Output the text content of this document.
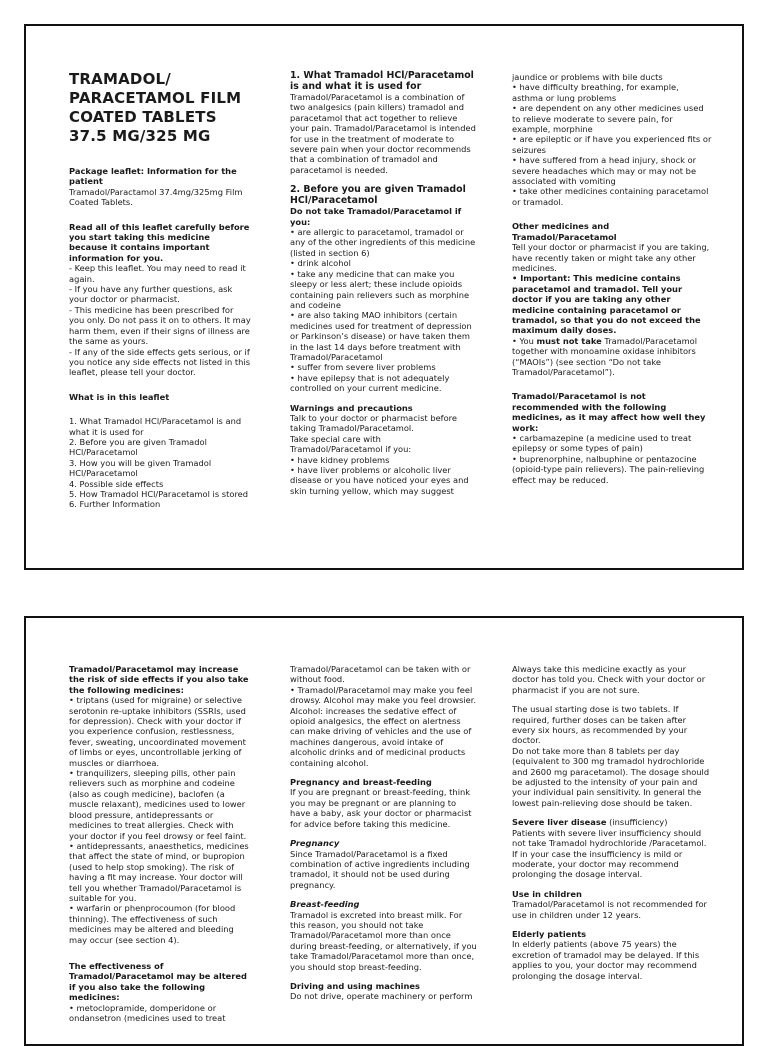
TRAMADOL/
PARACETAMOL FILM
COATED TABLETS
37.5 MG/325 MG

Package leaflet: Information for the patient
Tramadol/Paractamol 37.4mg/325mg Film Coated Tablets.

Read all of this leaflet carefully before you start taking this medicine because it contains important information for you.

- Keep this leaflet. You may need to read it again.

- If you have any further questions, ask your doctor or pharmacist.

- This medicine has been prescribed for you only. Do not pass it on to others. It may harm them, even if their signs of illness are the same as yours.

- If any of the side effects gets serious, or if you notice any side effects not listed in this leaflet, please tell your doctor.

What is in this leaflet

1. What Tramadol HCl/Paracetamol is and what it is used for

2. Before you are given Tramadol HCl/Paracetamol

3. How you will be given Tramadol HCl/Paracetamol

4. Possible side effects

5. How Tramadol HCl/Paracetamol is stored

6. Further Information

1. What Tramadol HCl/Paracetamol is and what it is used for

Tramadol/Paracetamol is a combination of two analgesics (pain killers) tramadol and paracetamol that act together to relieve your pain. Tramadol/Paracetamol is intended for use in the treatment of moderate to severe pain when your doctor recommends that a combination of tramadol and paracetamol is needed.

2. Before you are given Tramadol HCl/Paracetamol

Do not take Tramadol/Paracetamol if you:

• are allergic to paracetamol, tramadol or any of the other ingredients of this medicine (listed in section 6)

• drink alcohol

• take any medicine that can make you sleepy or less alert; these include opioids containing pain relievers such as morphine and codeine

• are also taking MAO inhibitors (certain medicines used for treatment of depression or Parkinson’s disease) or have taken them in the last 14 days before treatment with Tramadol/Paracetamol

• suffer from severe liver problems

• have epilepsy that is not adequately controlled on your current medicine.

Warnings and precautions

Talk to your doctor or pharmacist before taking Tramadol/Paracetamol.

Take special care with Tramadol/Paracetamol if you:

• have kidney problems

• have liver problems or alcoholic liver disease or you have noticed your eyes and skin turning yellow, which may suggest

jaundice or problems with bile ducts

• have difficulty breathing, for example, asthma or lung problems

• are dependent on any other medicines used to relieve moderate to severe pain, for example, morphine

• are epileptic or if have you experienced fits or seizures

• have suffered from a head injury, shock or severe headaches which may or may not be associated with vomiting

• take other medicines containing paracetamol or tramadol.

Other medicines and Tramadol/Paracetamol

Tell your doctor or pharmacist if you are taking, have recently taken or might take any other medicines.

• Important: This medicine contains paracetamol and tramadol. Tell your doctor if you are taking any other medicine containing paracetamol or tramadol, so that you do not exceed the maximum daily doses.

• You must not take Tramadol/Paracetamol together with monoamine oxidase inhibitors (“MAOIs”) (see section “Do not take Tramadol/Paracetamol”).

Tramadol/Paracetamol is not recommended with the following medicines, as it may affect how well they work:

• carbamazepine (a medicine used to treat epilepsy or some types of pain)

• buprenorphine, nalbuphine or pentazocine (opioid-type pain relievers). The pain-relieving effect may be reduced.

Tramadol/Paracetamol may increase the risk of side effects if you also take the following medicines:

• triptans (used for migraine) or selective serotonin re-uptake inhibitors (SSRIs, used for depression). Check with your doctor if you experience confusion, restlessness, fever, sweating, uncoordinated movement of limbs or eyes, uncontrollable jerking of muscles or diarrhoea.

• tranquilizers, sleeping pills, other pain relievers such as morphine and codeine (also as cough medicine), baclofen (a muscle relaxant), medicines used to lower blood pressure, antidepressants or medicines to treat allergies. Check with your doctor if you feel drowsy or feel faint.

• antidepressants, anaesthetics, medicines that affect the state of mind, or bupropion (used to help stop smoking). The risk of having a fit may increase. Your doctor will tell you whether Tramadol/Paracetamol is suitable for you.

• warfarin or phenprocoumon (for blood thinning). The effectiveness of such medicines may be altered and bleeding may occur (see section 4).

The effectiveness of Tramadol/Paracetamol may be altered if you also take the following medicines:

• metoclopramide, domperidone or ondansetron (medicines used to treat

Tramadol/Paracetamol can be taken with or without food.

• Tramadol/Paracetamol may make you feel drowsy. Alcohol may make you feel drowsier. Alcohol: increases the sedative effect of opioid analgesics, the effect on alertness can make driving of vehicles and the use of machines dangerous, avoid intake of alcoholic drinks and of medicinal products containing alcohol.

Pregnancy and breast-feeding

If you are pregnant or breast-feeding, think you may be pregnant or are planning to have a baby, ask your doctor or pharmacist for advice before taking this medicine.

Pregnancy

Since Tramadol/Paracetamol is a fixed combination of active ingredients including tramadol, it should not be used during pregnancy.

Breast-feeding

Tramadol is excreted into breast milk. For this reason, you should not take Tramadol/Paracetamol more than once during breast-feeding, or alternatively, if you take Tramadol/Paracetamol more than once, you should stop breast-feeding.

Driving and using machines

Do not drive, operate machinery or perform

Always take this medicine exactly as your doctor has told you. Check with your doctor or pharmacist if you are not sure.

The usual starting dose is two tablets. If required, further doses can be taken after every six hours, as recommended by your doctor.

Do not take more than 8 tablets per day (equivalent to 300 mg tramadol hydrochloride and 2600 mg paracetamol). The dosage should be adjusted to the intensity of your pain and your individual pain sensitivity. In general the lowest pain-relieving dose should be taken.

Severe liver disease (insufficiency)

Patients with severe liver insufficiency should not take Tramadol hydrochloride /Paracetamol. If in your case the insufficiency is mild or moderate, your doctor may recommend prolonging the dosage interval.

Use in children

Tramadol/Paracetamol is not recommended for use in children under 12 years.

Elderly patients

In elderly patients (above 75 years) the excretion of tramadol may be delayed. If this applies to you, your doctor may recommend prolonging the dosage interval.
